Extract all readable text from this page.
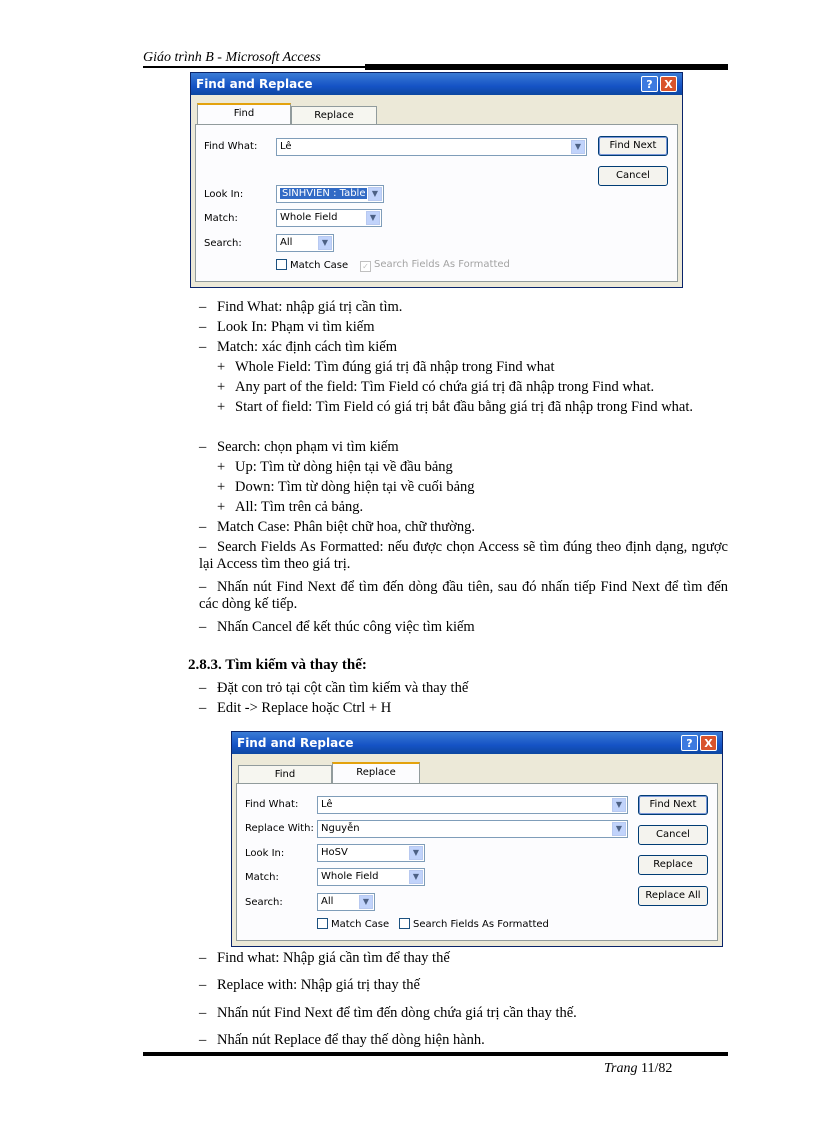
Giáo trình B - Microsoft Access
Find and Replace	?	X
Find	Replace
Find What:	Lê	▼
Look In:	SINHVIEN : Table ▼
Match:	Whole Field	▼
Search:	All	▼
Match Case ✓ Search Fields As Formatted
Find Next
Cancel
– Find What: nhập giá trị cần tìm.
– Look In: Phạm vi tìm kiếm
– Match: xác định cách tìm kiếm
+ Whole Field: Tìm đúng giá trị đã nhập trong Find what
+ Any part of the field: Tìm Field có chứa giá trị đã nhập trong Find what.
+ Start of field: Tìm Field có giá trị bắt đầu bằng giá trị đã nhập trong Find what.
– Search: chọn phạm vi tìm kiếm
+ Up: Tìm từ dòng hiện tại về đầu bảng
+ Down: Tìm từ dòng hiện tại về cuối bảng
+ All: Tìm trên cả bảng.
– Match Case: Phân biệt chữ hoa, chữ thường.
– Search Fields As Formatted: nếu được chọn Access sẽ tìm đúng theo định dạng, ngược lại Access tìm theo giá trị.
– Nhấn nút Find Next để tìm đến dòng đầu tiên, sau đó nhấn tiếp Find Next để tìm đến các dòng kế tiếp.
– Nhấn Cancel để kết thúc công việc tìm kiếm
2.8.3. Tìm kiếm và thay thế:
– Đặt con trỏ tại cột cần tìm kiếm và thay thế
– Edit -> Replace hoặc Ctrl + H
Find and Replace	?	X
Find	Replace
Find What:	Lê	▼
Replace With: Nguyễn	▼
Look In:	HoSV	▼
Match:	Whole Field	▼
Search:	All	▼
Match Case	Search Fields As Formatted
Find Next
Cancel
Replace
Replace All
– Find what: Nhập giá cần tìm để thay thế
– Replace with: Nhập giá trị thay thế
– Nhấn nút Find Next để tìm đến dòng chứa giá trị cần thay thế.
– Nhấn nút Replace để thay thế dòng hiện hành.
Trang 11/82
